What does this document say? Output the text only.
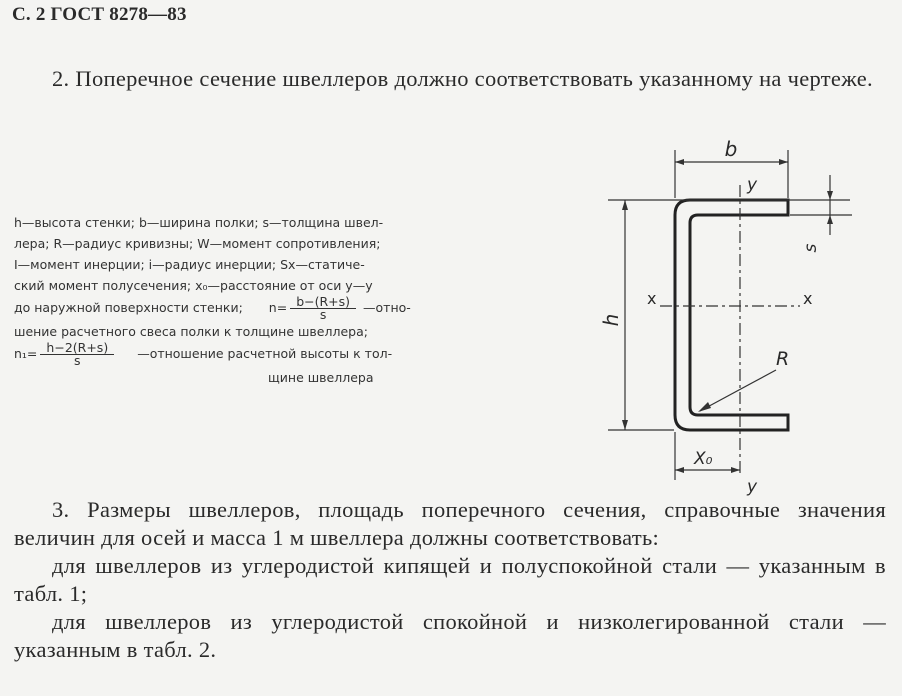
С. 2 ГОСТ 8278—83
2. Поперечное сечение швеллеров должно соответствовать указанному на чертеже.
h—высота стенки; b—ширина полки; s—толщина швел-
лера; R—радиус кривизны; W—момент сопротивления;
I—момент инерции; i—радиус инерции; Sx—статиче-
ский момент полусечения; x₀—расстояние от оси y—y
до наружной поверхности стенки; $n= \frac{b-(R+s)}{s}$ —отно-
шение расчетного свеса полки к толщине швеллера;
$n_1= \frac{h-2(R+s)}{s}$ —отношение расчетной высоты к тол-
щине швеллера
b
y
y
h
s
x	x
R
X₀

3. Размеры швеллеров, площадь поперечного сечения, справочные значения величин для осей и масса 1 м швеллера должны соответствовать:

для швеллеров из углеродистой кипящей и полуспокойной стали — указанным в табл. 1;

для швеллеров из углеродистой спокойной и низколегированной стали — указанным в табл. 2.
